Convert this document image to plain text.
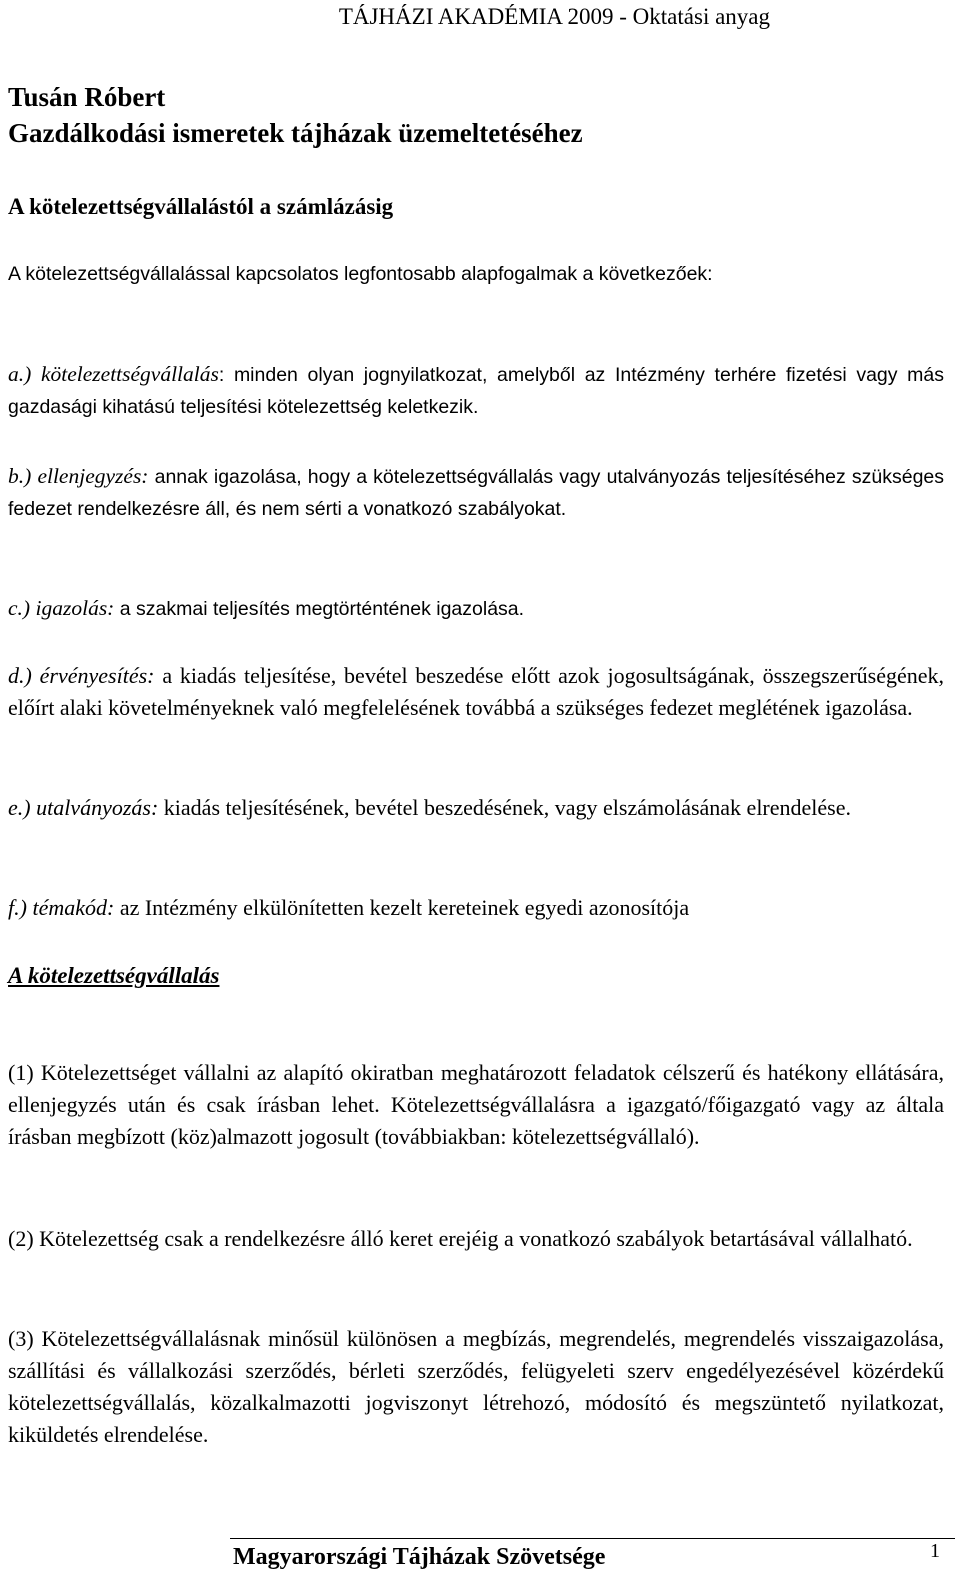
TÁJHÁZI AKADÉMIA 2009 - Oktatási anyag
Tusán Róbert
Gazdálkodási ismeretek tájházak üzemeltetéséhez
A kötelezettségvállalástól a számlázásig
A kötelezettségvállalással kapcsolatos legfontosabb alapfogalmak a következőek:
a.) kötelezettségvállalás: minden olyan jognyilatkozat, amelyből az Intézmény terhére fizetési vagy más gazdasági kihatású teljesítési kötelezettség keletkezik.
b.) ellenjegyzés: annak igazolása, hogy a kötelezettségvállalás vagy utalványozás teljesítéséhez szükséges fedezet rendelkezésre áll, és nem sérti a vonatkozó szabályokat.
c.) igazolás: a szakmai teljesítés megtörténtének igazolása.
d.) érvényesítés: a kiadás teljesítése, bevétel beszedése előtt azok jogosultságának, összegszerűségének, előírt alaki követelményeknek való megfelelésének továbbá a szükséges fedezet meglétének igazolása.
e.) utalványozás: kiadás teljesítésének, bevétel beszedésének, vagy elszámolásának elrendelése.
f.) témakód: az Intézmény elkülönítetten kezelt kereteinek egyedi azonosítója
A kötelezettségvállalás
(1) Kötelezettséget vállalni az alapító okiratban meghatározott feladatok célszerű és hatékony ellátására, ellenjegyzés után és csak írásban lehet. Kötelezettségvállalásra a igazgató/főigazgató vagy az általa írásban megbízott (köz)almazott jogosult (továbbiakban: kötelezettségvállaló).
(2) Kötelezettség csak a rendelkezésre álló keret erejéig a vonatkozó szabályok betartásával vállalható.
(3) Kötelezettségvállalásnak minősül különösen a megbízás, megrendelés, megrendelés visszaigazolása, szállítási és vállalkozási szerződés, bérleti szerződés, felügyeleti szerv engedélyezésével közérdekű kötelezettségvállalás, közalkalmazotti jogviszonyt létrehozó, módosító és megszüntető nyilatkozat, kiküldetés elrendelése.
Magyarországi Tájházak Szövetsége	1
